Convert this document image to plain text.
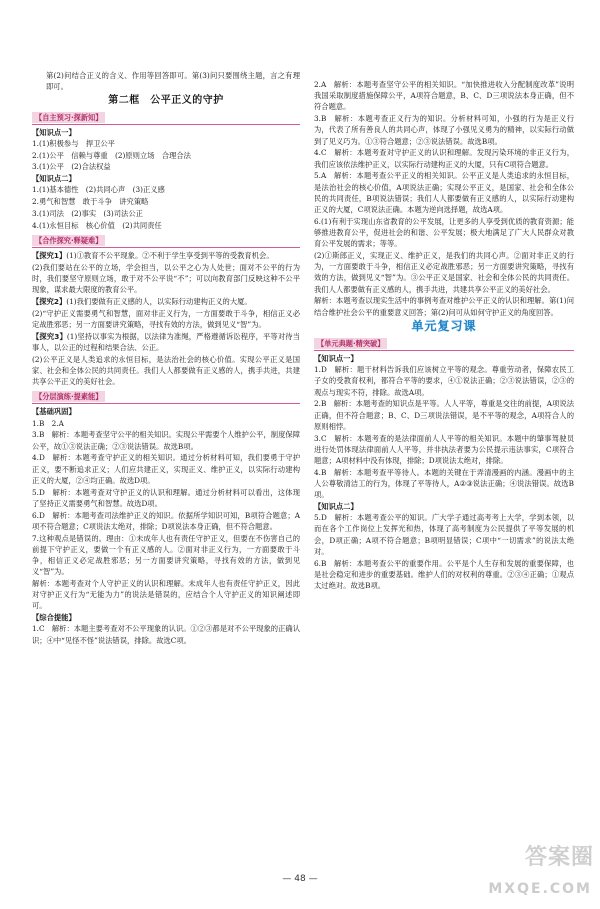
第(2)问结合正义的含义、作用等回答即可。第(3)问只要围绕主题，言之有理即可。

第二框　公平正义的守护
【自主预习·探新知】
【知识点一】

1.(1)积极参与　捍卫公平

2.(1)公平　信赖与尊重　(2)原则立场　合理合法

3.(1)公平　(2)合法权益

【知识点二】

1.(1)基本德性　(2)共同心声　(3)正义感

2.勇气和智慧　敢于斗争　讲究策略

3.(1)司法　(2)事实　(3)司法公正

4.(1)永恒目标　核心价值　(2)共同责任

【合作探究·释疑难】

【探究1】(1)①教育不公平现象。②不利于学生享受到平等的受教育机会。

(2)我们要站在公平的立场，学会担当，以公平之心为人处世；面对不公平的行为时，我们要坚守原则立场，敢于对不公平说“不”；可以向教育部门反映这种不公平现象，谋求最大限度的教育公平。

【探究2】(1)我们要做有正义感的人，以实际行动建构正义的大厦。

(2)“守护正义需要勇气和智慧，面对非正义行为，一方面要敢于斗争，相信正义必定战胜邪恶；另一方面要讲究策略，寻找有效的方法，做到见义“智”为。

【探究3】(1)坚持以事实为根据，以法律为准绳，严格遵循诉讼程序，平等对待当事人，以公正的过程和结果合法、公正。

(2)公平正义是人类追求的永恒目标，是法治社会的核心价值。实现公平正义是国家、社会和全体公民的共同责任。我们人人都要做有正义感的人，携手共进，共建共享公平正义的美好社会。

【分层演练·提素能】
【基础巩固】

1.B　2.A

3.B　解析：本题考查坚守公平的相关知识。实现公平需要个人维护公平，制度保障公平，故①③说法正确；②③说法错误。故选B项。

4.D　解析：本题考查守护正义的相关知识。通过分析材料可知，我们要勇于守护正义，要不断追求正义；人们应共建正义，实现正义、维护正义，以实际行动建构正义的大厦，②④均正确。故选D项。

5.D　解析：本题考查对守护正义的认识和理解。通过分析材料可以看出，这体现了坚持正义需要勇气和智慧。故选D项。

6.D　解析：本题考查司法维护正义的知识。依据所学知识可知，B项符合题意；A项不符合题意；C项说法太绝对，排除；D项说法本身正确，但不符合题意。

7.这种观点是错误的。理由：①未成年人也有责任守护正义，但要在不伤害自己的前提下守护正义，要做一个有正义感的人。②面对非正义行为，一方面要敢于斗争，相信正义必定战胜邪恶；另一方面要讲究策略，寻找有效的方法，做到见义“智”为。

解析：本题考查对个人守护正义的认识和理解。未成年人也有责任守护正义，因此对守护正义行为“无能为力”的说法是错误的，应结合个人守护正义的知识阐述即可。

【综合提能】

1.C　解析：本题主要考查对不公平现象的认识。①②③都是对不公平现象的正确认识；④中“见怪不怪”说法错误，排除。故选C项。

2.A　解析：本题考查坚守公平的相关知识。“加快推进收入分配制度改革”说明我国采取制度措施保障公平，A项符合题意，B、C、D三项说法本身正确，但不符合题意。

3.B　解析：本题考查正义行为的知识。分析材料可知，小强的行为是正义行为，代表了所有善良人的共同心声，体现了小强见义勇为的精神，以实际行动做到了见义巧为。①③符合题意；②③说法错误。故选B项。

4.C　解析：本题考查对守护正义的认识和理解。发现污染环境的非正义行为，我们应该依法维护正义，以实际行动建构正义的大厦，只有C项符合题意。

5.A　解析：本题考查公平正义的相关知识。公平正义是人类追求的永恒目标，是法治社会的核心价值，A项说法正确；实现公平正义，是国家、社会和全体公民的共同责任，B项说法错误；我们人人都要做有正义感的人，以实际行动建构正义的大厦，C项说法正确。本题为逆向选择题，故选A项。

6.(1)有利于实现山东省教育的公平发展，让更多的人享受到优质的教育资源；能够推进教育公平，促进社会的和谐、公平发展；极大地满足了广大人民群众对教育公平发展的需求；等等。

(2)①斯郎正义，实现正义、维护正义，是我们的共同心声。②面对非正义的行为，一方面要敢于斗争，相信正义必定战胜邪恶；另一方面要讲究策略，寻找有效的方法，做到见义“智”为。③公平正义是国家、社会和全体公民的共同责任。我们人人都要做有正义感的人，携手共进，共建共享公平正义的美好社会。

解析：本题考查以现实生活中的事例考查对维护公平正义的认识和理解。第(1)问结合维护社会公平的重要意义回答；第(2)问可从如何守护正义的角度回答。

单元复习课
【单元典题·精突破】
【知识点一】

1.D　解析：题干材料告诉我们应该树立平等的观念。尊重劳动者，保障农民工子女的受教育权利，都符合平等的要求，④①说法正确；②③说法错误，②③的观点与现实不符，排除。故选A项。

2.B　解析：本题考查的知识点是平等。人人平等，尊重是交往的前提，A项说法正确，但不符合题意；B、C、D三项说法错误，是不平等的观念，A项符合人的原则相悖。

3.C　解析：本题考查的是法律面前人人平等的相关知识。本题中的肇事驾驶员进行处罚体现法律面前人人平等，并非执法者要为公民提示违法事实，C项符合题意；A项材料中没有体现，排除；D项说法太绝对，排除。

4.B　解析：本题考查平等待人。本题的关键在于弄清漫画的内涵。漫画中的主人公尊敬清洁工的行为，体现了平等待人，A②③说法正确；④说法错误。故选B项。

【知识点二】

5.D　解析：本题考查公平的知识。广大学子通过高考考上大学，学到本领，以而在各个工作岗位上发挥光和热，体现了高考制度为公民提供了平等发展的机会，D项正确；A项不符合题意；B项明显错误；C项中“一切需求”的说法太绝对。

6.B　解析：本题考查公平的重要作用。公平是个人生存和发展的重要保障，也是社会稳定和进步的重要基础。维护人们的对权利的尊重。②③④正确；①观点太过绝对。故选B项。

— 48 —
答案圈
MXQE.COM
